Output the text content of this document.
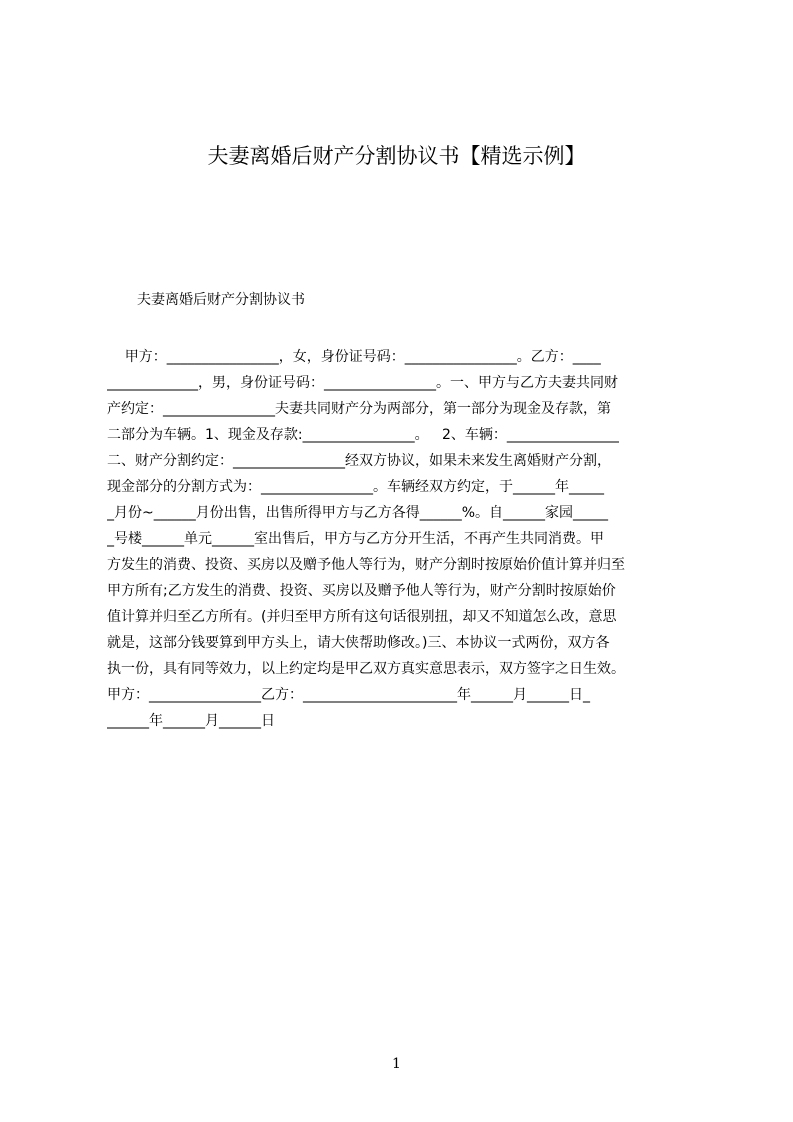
夫妻离婚后财产分割协议书【精选示例】
夫妻离婚后财产分割协议书
甲方：________________，女，身份证号码：________________。乙方：____
_____________，男，身份证号码：________________。一、甲方与乙方夫妻共同财
产约定：________________夫妻共同财产分为两部分，第一部分为现金及存款，第
二部分为车辆。1、现金及存款:________________。   2、车辆：________________
二、财产分割约定：________________经双方协议，如果未来发生离婚财产分割，
现金部分的分割方式为：________________。车辆经双方约定，于______年_____
_月份~______月份出售，出售所得甲方与乙方各得______%。自______家园_____
_号楼______单元______室出售后，甲方与乙方分开生活，不再产生共同消费。甲
方发生的消费、投资、买房以及赠予他人等行为，财产分割时按原始价值计算并归至
甲方所有;乙方发生的消费、投资、买房以及赠予他人等行为，财产分割时按原始价
值计算并归至乙方所有。(并归至甲方所有这句话很别扭，却又不知道怎么改，意思
就是，这部分钱要算到甲方头上，请大侠帮助修改。)三、本协议一式两份，双方各
执一份，具有同等效力，以上约定均是甲乙双方真实意思表示，双方签字之日生效。
甲方：________________乙方：______________________年______月______日_
______年______月______日
1
